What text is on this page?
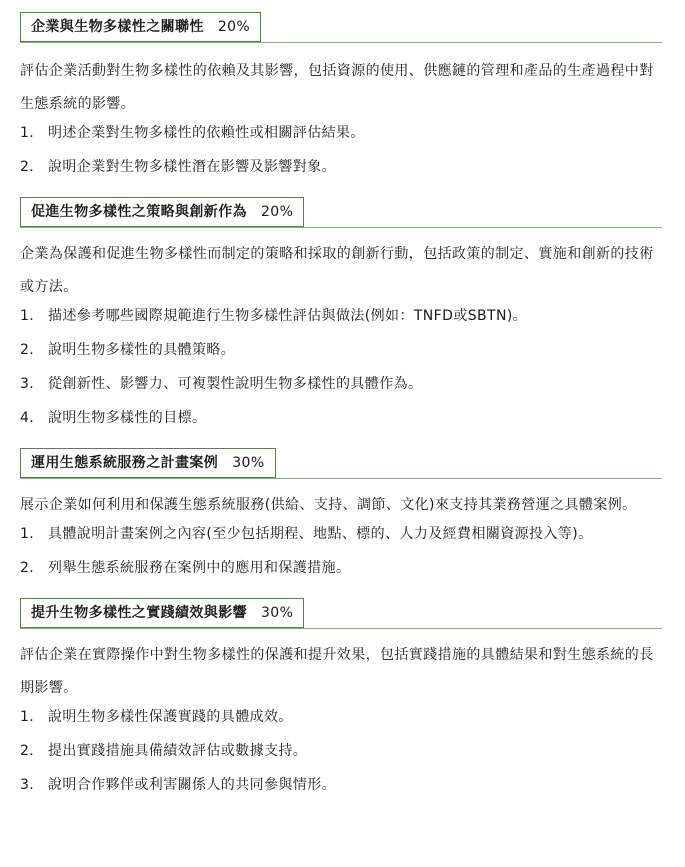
企業與生物多樣性之關聯性 20%

評估企業活動對生物多樣性的依賴及其影響，包括資源的使用、供應鏈的管理和產品的生產過程中對生態系統的影響。

1. 明述企業對生物多樣性的依賴性或相關評估結果。
2. 說明企業對生物多樣性潛在影響及影響對象。
促進生物多樣性之策略與創新作為 20%

企業為保護和促進生物多樣性而制定的策略和採取的創新行動，包括政策的制定、實施和創新的技術或方法。

1. 描述參考哪些國際規範進行生物多樣性評估與做法(例如：TNFD或SBTN)。
2. 說明生物多樣性的具體策略。
3. 從創新性、影響力、可複製性說明生物多樣性的具體作為。
4. 說明生物多樣性的目標。
運用生態系統服務之計畫案例 30%

展示企業如何利用和保護生態系統服務(供給、支持、調節、文化)來支持其業務營運之具體案例。

1. 具體說明計畫案例之內容(至少包括期程、地點、標的、人力及經費相關資源投入等)。
2. 列舉生態系統服務在案例中的應用和保護措施。
提升生物多樣性之實踐績效與影響 30%

評估企業在實際操作中對生物多樣性的保護和提升效果，包括實踐措施的具體結果和對生態系統的長期影響。

1. 說明生物多樣性保護實踐的具體成效。
2. 提出實踐措施具備績效評估或數據支持。
3. 說明合作夥伴或利害關係人的共同參與情形。
